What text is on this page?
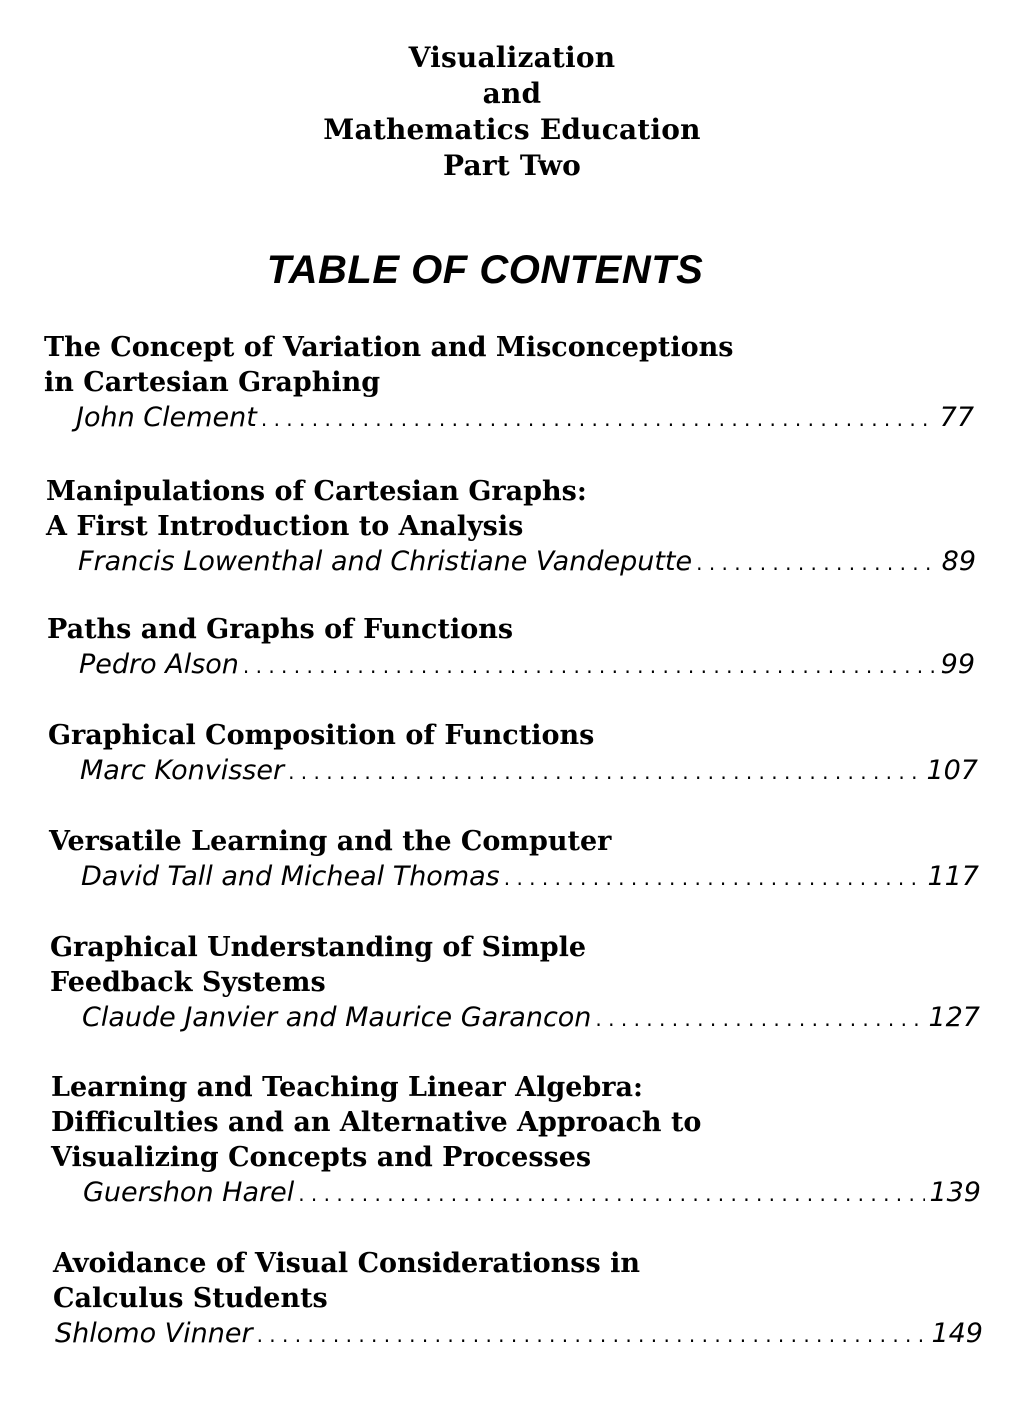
Visualization
and
Mathematics Education
Part Two
TABLE OF CONTENTS
The Concept of Variation and Misconceptions
in Cartesian Graphing
John Clement . . .	77
Manipulations of Cartesian Graphs:
A First Introduction to Analysis
Francis Lowenthal and Christiane Vandeputte . . .	89
Paths and Graphs of Functions
Pedro Alson . . .	99
Graphical Composition of Functions
Marc Konvisser . . .	107
Versatile Learning and the Computer
David Tall and Micheal Thomas . . .	117
Graphical Understanding of Simple
Feedback Systems
Claude Janvier and Maurice Garancon . . .	127
Learning and Teaching Linear Algebra:
Difficulties and an Alternative Approach to
Visualizing Concepts and Processes
Guershon Harel . . .	139
Avoidance of Visual Considerationss in
Calculus Students
Shlomo Vinner . . .	149
